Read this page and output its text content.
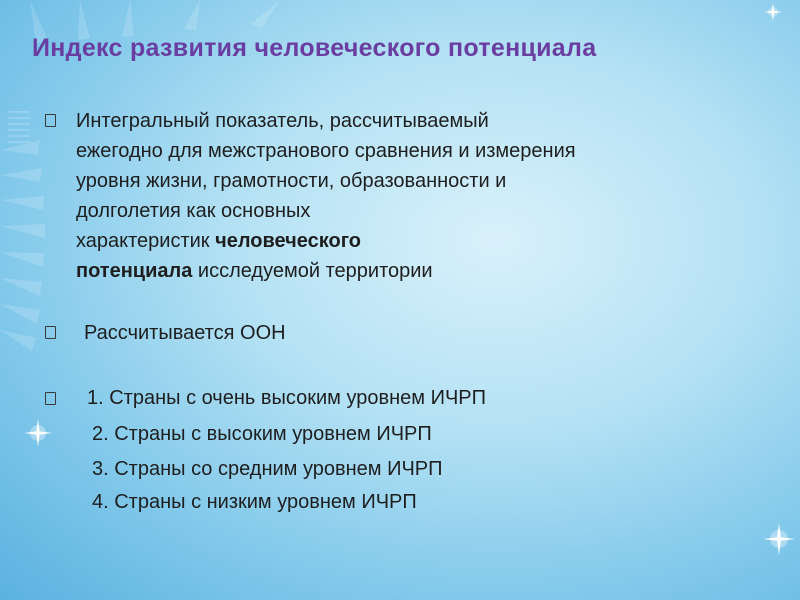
Индекс развития человеческого потенциала

Интегральный показатель, рассчитываемый
ежегодно для межстранового сравнения и измерения
уровня жизни, грамотности, образованности и
долголетия как основных
характеристик человеческого
потенциала исследуемой территории

Рассчитывается ООН

1. Страны с очень высоким уровнем ИЧРП
2. Страны с высоким уровнем ИЧРП
3. Страны со средним уровнем ИЧРП
4. Страны с низким уровнем ИЧРП
